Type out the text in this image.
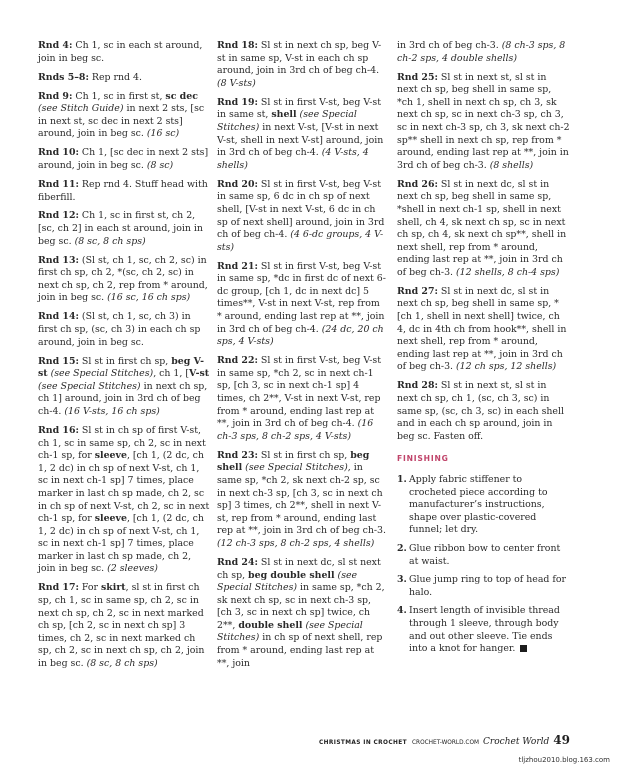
Rnd 4: Ch 1, sc in each st around, join in beg sc.

Rnds 5–8: Rep rnd 4.

Rnd 9: Ch 1, sc in first st, sc dec (see Stitch Guide) in next 2 sts, [sc in next st, sc dec in next 2 sts] around, join in beg sc. (16 sc)

Rnd 10: Ch 1, [sc dec in next 2 sts] around, join in beg sc. (8 sc)

Rnd 11: Rep rnd 4. Stuff head with fiberfill.

Rnd 12: Ch 1, sc in first st, ch 2, [sc, ch 2] in each st around, join in beg sc. (8 sc, 8 ch sps)

Rnd 13: (Sl st, ch 1, sc, ch 2, sc) in first ch sp, ch 2, *(sc, ch 2, sc) in next ch sp, ch 2, rep from * around, join in beg sc. (16 sc, 16 ch sps)

Rnd 14: (Sl st, ch 1, sc, ch 3) in first ch sp, (sc, ch 3) in each ch sp around, join in beg sc.

Rnd 15: Sl st in first ch sp, beg V-st (see Special Stitches), ch 1, [V-st (see Special Stitches) in next ch sp, ch 1] around, join in 3rd ch of beg ch-4. (16 V-sts, 16 ch sps)

Rnd 16: Sl st in ch sp of first V-st, ch 1, sc in same sp, ch 2, sc in next ch-1 sp, for sleeve, [ch 1, (2 dc, ch 1, 2 dc) in ch sp of next V-st, ch 1, sc in next ch-1 sp] 7 times, place marker in last ch sp made, ch 2, sc in ch sp of next V-st, ch 2, sc in next ch-1 sp, for sleeve, [ch 1, (2 dc, ch 1, 2 dc) in ch sp of next V-st, ch 1, sc in next ch-1 sp] 7 times, place marker in last ch sp made, ch 2, join in beg sc. (2 sleeves)

Rnd 17: For skirt, sl st in first ch sp, ch 1, sc in same sp, ch 2, sc in next ch sp, ch 2, sc in next marked ch sp, [ch 2, sc in next ch sp] 3 times, ch 2, sc in next marked ch sp, ch 2, sc in next ch sp, ch 2, join in beg sc. (8 sc, 8 ch sps)

Rnd 18: Sl st in next ch sp, beg V-st in same sp, V-st in each ch sp around, join in 3rd ch of beg ch-4. (8 V-sts)

Rnd 19: Sl st in first V-st, beg V-st in same st, shell (see Special Stitches) in next V-st, [V-st in next V-st, shell in next V-st] around, join in 3rd ch of beg ch-4. (4 V-sts, 4 shells)

Rnd 20: Sl st in first V-st, beg V-st in same sp, 6 dc in ch sp of next shell, [V-st in next V-st, 6 dc in ch sp of next shell] around, join in 3rd ch of beg ch-4. (4 6-dc groups, 4 V-sts)

Rnd 21: Sl st in first V-st, beg V-st in same sp, *dc in first dc of next 6-dc group, [ch 1, dc in next dc] 5 times**, V-st in next V-st, rep from * around, ending last rep at **, join in 3rd ch of beg ch-4. (24 dc, 20 ch sps, 4 V-sts)

Rnd 22: Sl st in first V-st, beg V-st in same sp, *ch 2, sc in next ch-1 sp, [ch 3, sc in next ch-1 sp] 4 times, ch 2**, V-st in next V-st, rep from * around, ending last rep at **, join in 3rd ch of beg ch-4. (16 ch-3 sps, 8 ch-2 sps, 4 V-sts)

Rnd 23: Sl st in first ch sp, beg shell (see Special Stitches), in same sp, *ch 2, sk next ch-2 sp, sc in next ch-3 sp, [ch 3, sc in next ch sp] 3 times, ch 2**, shell in next V-st, rep from * around, ending last rep at **, join in 3rd ch of beg ch-3. (12 ch-3 sps, 8 ch-2 sps, 4 shells)

Rnd 24: Sl st in next dc, sl st next ch sp, beg double shell (see Special Stitches) in same sp, *ch 2, sk next ch sp, sc in next ch-3 sp, [ch 3, sc in next ch sp] twice, ch 2**, double shell (see Special Stitches) in ch sp of next shell, rep from * around, ending last rep at **, join

in 3rd ch of beg ch-3. (8 ch-3 sps, 8 ch-2 sps, 4 double shells)

Rnd 25: Sl st in next st, sl st in next ch sp, beg shell in same sp, *ch 1, shell in next ch sp, ch 3, sk next ch sp, sc in next ch-3 sp, ch 3, sc in next ch-3 sp, ch 3, sk next ch-2 sp** shell in next ch sp, rep from * around, ending last rep at **, join in 3rd ch of beg ch-3. (8 shells)

Rnd 26: Sl st in next dc, sl st in next ch sp, beg shell in same sp, *shell in next ch-1 sp, shell in next shell, ch 4, sk next ch sp, sc in next ch sp, ch 4, sk next ch sp**, shell in next shell, rep from * around, ending last rep at **, join in 3rd ch of beg ch-3. (12 shells, 8 ch-4 sps)

Rnd 27: Sl st in next dc, sl st in next ch sp, beg shell in same sp, *[ch 1, shell in next shell] twice, ch 4, dc in 4th ch from hook**, shell in next shell, rep from * around, ending last rep at **, join in 3rd ch of beg ch-3. (12 ch sps, 12 shells)

Rnd 28: Sl st in next st, sl st in next ch sp, ch 1, (sc, ch 3, sc) in same sp, (sc, ch 3, sc) in each shell and in each ch sp around, join in beg sc. Fasten off.

FINISHING
1. Apply fabric stiffener to crocheted piece according to manufacturer’s instructions, shape over plastic-covered funnel; let dry.
2. Glue ribbon bow to center front at waist.
3. Glue jump ring to top of head for halo.
4. Insert length of invisible thread through 1 sleeve, through body and out other sleeve. Tie ends into a knot for hanger.
CHRISTMAS IN CROCHET CROCHET-WORLD.COM Crochet World 49
tljzhou2010.blog.163.com
